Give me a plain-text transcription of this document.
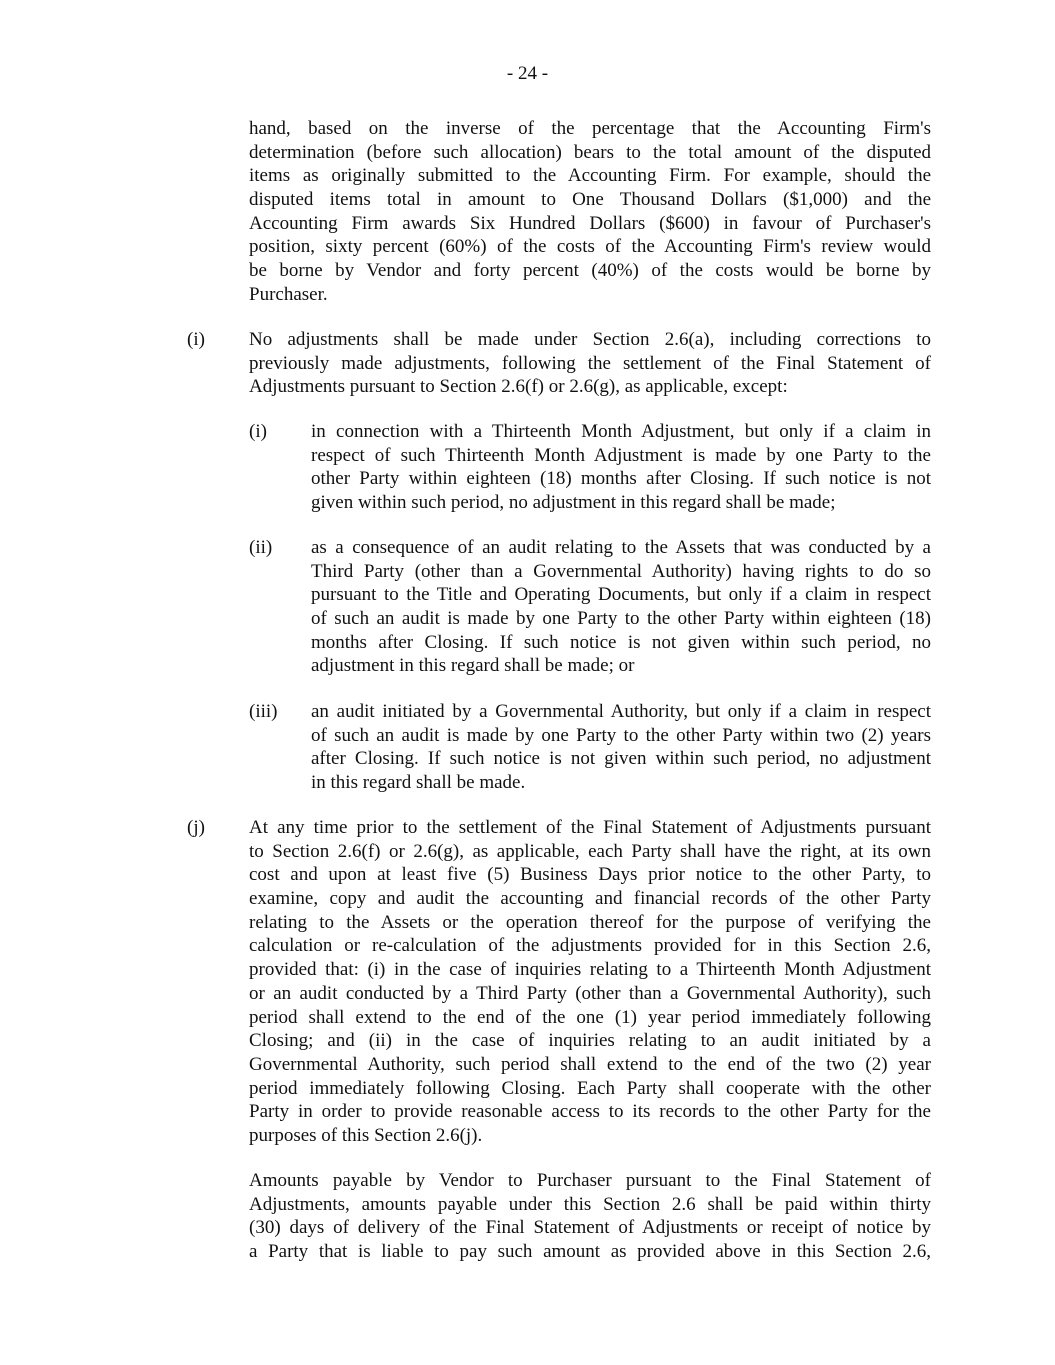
- 24 -
hand, based on the inverse of the percentage that the Accounting Firm's
determination (before such allocation) bears to the total amount of the disputed
items as originally submitted to the Accounting Firm. For example, should the
disputed items total in amount to One Thousand Dollars ($1,000) and the
Accounting Firm awards Six Hundred Dollars ($600) in favour of Purchaser's
position, sixty percent (60%) of the costs of the Accounting Firm's review would
be borne by Vendor and forty percent (40%) of the costs would be borne by
Purchaser.
(i) No adjustments shall be made under Section 2.6(a), including corrections to
previously made adjustments, following the settlement of the Final Statement of
Adjustments pursuant to Section 2.6(f) or 2.6(g), as applicable, except:
(i) in connection with a Thirteenth Month Adjustment, but only if a claim in
respect of such Thirteenth Month Adjustment is made by one Party to the
other Party within eighteen (18) months after Closing. If such notice is not
given within such period, no adjustment in this regard shall be made;
(ii) as a consequence of an audit relating to the Assets that was conducted by a
Third Party (other than a Governmental Authority) having rights to do so
pursuant to the Title and Operating Documents, but only if a claim in respect
of such an audit is made by one Party to the other Party within eighteen (18)
months after Closing. If such notice is not given within such period, no
adjustment in this regard shall be made; or
(iii) an audit initiated by a Governmental Authority, but only if a claim in respect
of such an audit is made by one Party to the other Party within two (2) years
after Closing. If such notice is not given within such period, no adjustment
in this regard shall be made.
(j) At any time prior to the settlement of the Final Statement of Adjustments pursuant
to Section 2.6(f) or 2.6(g), as applicable, each Party shall have the right, at its own
cost and upon at least five (5) Business Days prior notice to the other Party, to
examine, copy and audit the accounting and financial records of the other Party
relating to the Assets or the operation thereof for the purpose of verifying the
calculation or re-calculation of the adjustments provided for in this Section 2.6,
provided that: (i) in the case of inquiries relating to a Thirteenth Month Adjustment
or an audit conducted by a Third Party (other than a Governmental Authority), such
period shall extend to the end of the one (1) year period immediately following
Closing; and (ii) in the case of inquiries relating to an audit initiated by a
Governmental Authority, such period shall extend to the end of the two (2) year
period immediately following Closing. Each Party shall cooperate with the other
Party in order to provide reasonable access to its records to the other Party for the
purposes of this Section 2.6(j).
Amounts payable by Vendor to Purchaser pursuant to the Final Statement of
Adjustments, amounts payable under this Section 2.6 shall be paid within thirty
(30) days of delivery of the Final Statement of Adjustments or receipt of notice by
a Party that is liable to pay such amount as provided above in this Section 2.6,
